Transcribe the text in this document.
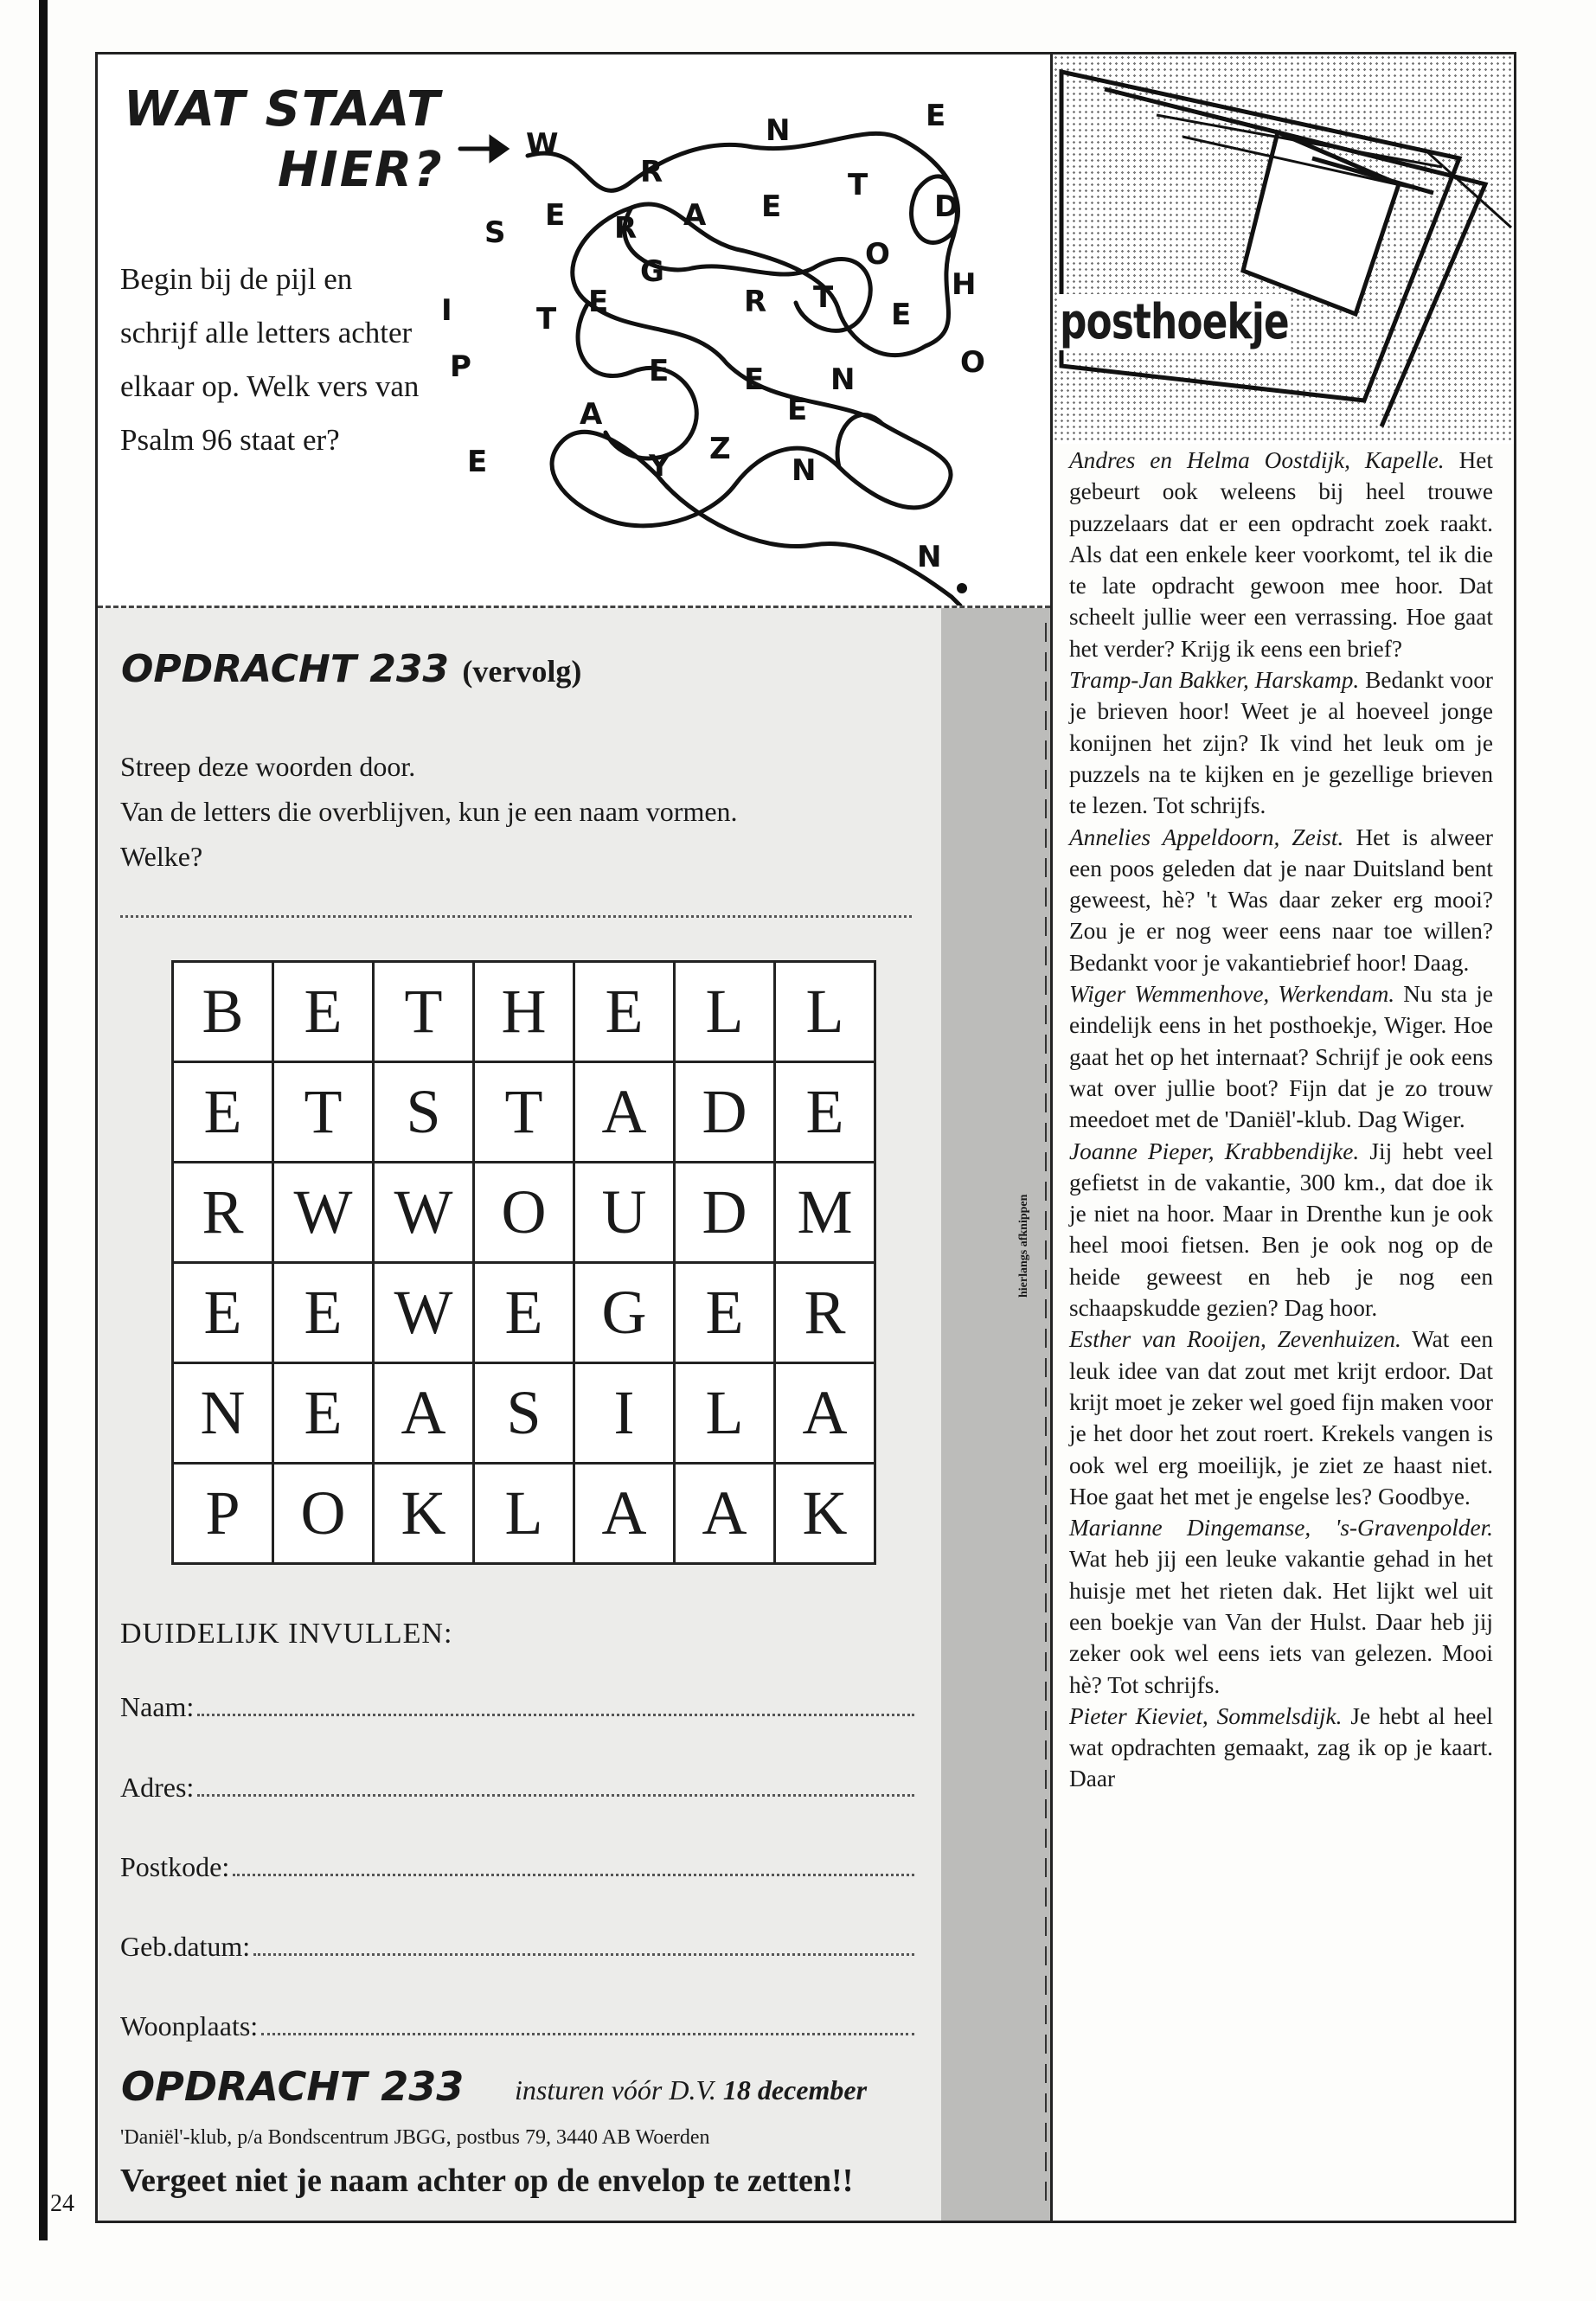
24
WAT STAAT
HIER?
Begin bij de pijl en schrijf alle letters achter elkaar op. Welk vers van Psalm 96 staat er?
W	N	E
R	T
D
S E R A E
O
H
G
R T E
I	T E
O
P	E	E N
A	E
E	Z
Y	N
N
hierlangs afknippen
OPDRACHT 233 (vervolg)
Streep deze woorden door.
Van de letters die overblijven, kun je een naam vormen.
Welke?
B	E	T	H	E	L	L
E	T	S	T	A	D	E
R	W	W	O	U	D	M
E	E	W	E	G	E	R
N	E	A	S	I	L	A
P	O	K	L	A	A	K
DUIDELIJK INVULLEN:
Naam:
Adres:
Postkode:
Geb.datum:
Woonplaats:
OPDRACHT 233 insturen vóór D.V. 18 december
'Daniël'-klub, p/a Bondscentrum JBGG, postbus 79, 3440 AB Woerden
Vergeet niet je naam achter op de envelop te zetten!!
posthoekje

Andres en Helma Oostdijk, Kapelle. Het gebeurt ook weleens bij heel trouwe puzzelaars dat er een opdracht zoek raakt. Als dat een enkele keer voorkomt, tel ik die te late opdracht gewoon mee hoor. Dat scheelt jullie weer een verrassing. Hoe gaat het verder? Krijg ik eens een brief?

Tramp-Jan Bakker, Harskamp. Bedankt voor je brieven hoor! Weet je al hoeveel jonge konijnen het zijn? Ik vind het leuk om je puzzels na te kijken en je gezellige brieven te lezen. Tot schrijfs.

Annelies Appeldoorn, Zeist. Het is alweer een poos geleden dat je naar Duitsland bent geweest, hè? 't Was daar zeker erg mooi? Zou je er nog weer eens naar toe willen? Bedankt voor je vakantiebrief hoor! Daag.

Wiger Wemmenhove, Werkendam. Nu sta je eindelijk eens in het posthoekje, Wiger. Hoe gaat het op het internaat? Schrijf je ook eens wat over jullie boot? Fijn dat je zo trouw meedoet met de 'Daniël'-klub. Dag Wiger.

Joanne Pieper, Krabbendijke. Jij hebt veel gefietst in de vakantie, 300 km., dat doe ik je niet na hoor. Maar in Drenthe kun je ook heel mooi fietsen. Ben je ook nog op de heide geweest en heb je nog een schaapskudde gezien? Dag hoor.

Esther van Rooijen, Zevenhuizen. Wat een leuk idee van dat zout met krijt erdoor. Dat krijt moet je zeker wel goed fijn maken voor je het door het zout roert. Krekels vangen is ook wel erg moeilijk, je ziet ze haast niet. Hoe gaat het met je engelse les? Goodbye.

Marianne Dingemanse, 's-Gravenpolder. Wat heb jij een leuke vakantie gehad in het huisje met het rieten dak. Het lijkt wel uit een boekje van Van der Hulst. Daar heb jij zeker ook wel eens iets van gelezen. Mooi hè? Tot schrijfs.

Pieter Kieviet, Sommelsdijk. Je hebt al heel wat opdrachten gemaakt, zag ik op je kaart. Daar
